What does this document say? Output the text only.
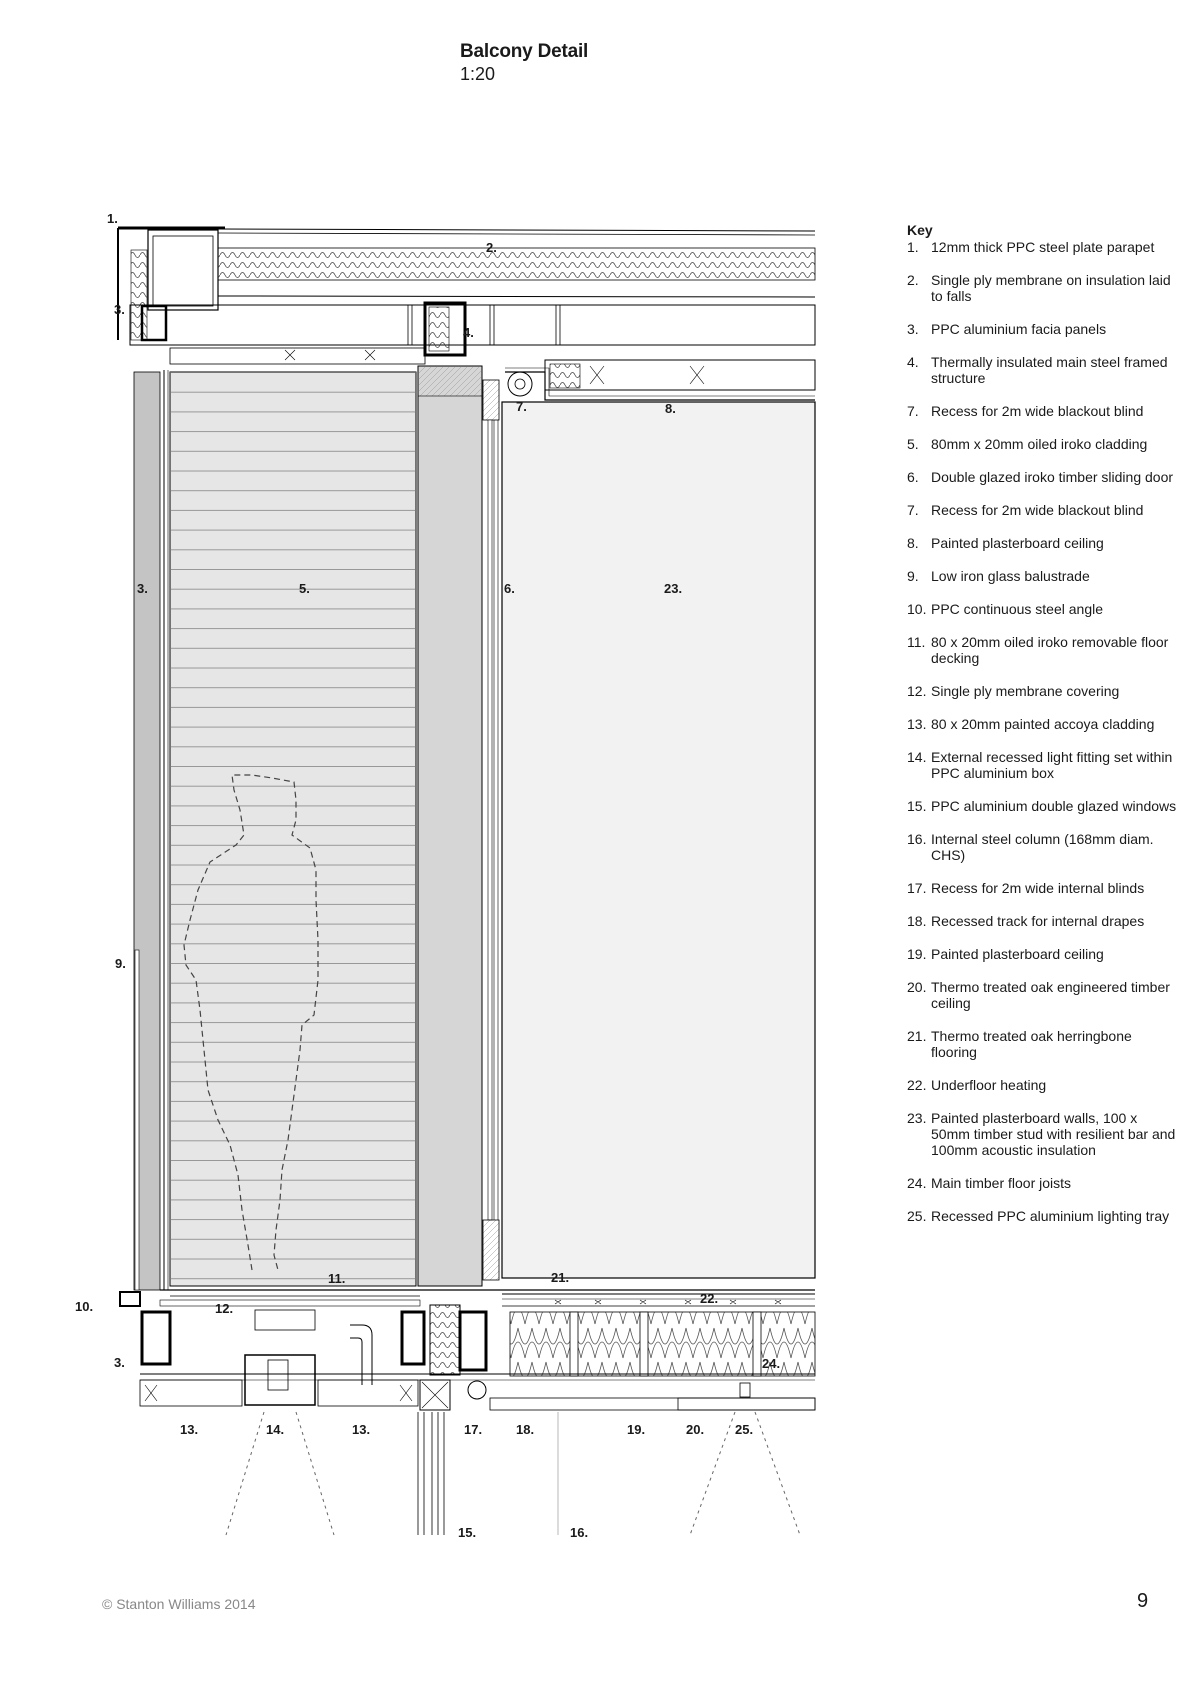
Balcony Detail
1:20
1.
2.
3.
4.
7.	8.
3.	5.	6.	23.
9.
11.	21.
22.
10.	12.
3.	24.
13.	14.	13.	17.	18.	19.	20. 25.
15.	16.
Key
1. 12mm thick PPC steel plate parapet
2. Single ply membrane on insulation laid to falls
3. PPC aluminium facia panels
4. Thermally insulated main steel framed structure
7. Recess for 2m wide blackout blind
5. 80mm x 20mm oiled iroko cladding
6. Double glazed iroko timber sliding door
7. Recess for 2m wide blackout blind
8. Painted plasterboard ceiling
9. Low iron glass balustrade
10. PPC continuous steel angle
11. 80 x 20mm oiled iroko removable floor decking
12. Single ply membrane covering
13. 80 x 20mm painted accoya cladding
14. External recessed light fitting set within PPC aluminium box
15. PPC aluminium double glazed windows
16. Internal steel column (168mm diam. CHS)
17. Recess for 2m wide internal blinds
18. Recessed track for internal drapes
19. Painted plasterboard ceiling
20. Thermo treated oak engineered timber ceiling
21. Thermo treated oak herringbone flooring
22. Underfloor heating
23. Painted plasterboard walls, 100 x 50mm timber stud with resilient bar and 100mm acoustic insulation
24. Main timber floor joists
25. Recessed PPC aluminium lighting tray
© Stanton Williams 2014	9
